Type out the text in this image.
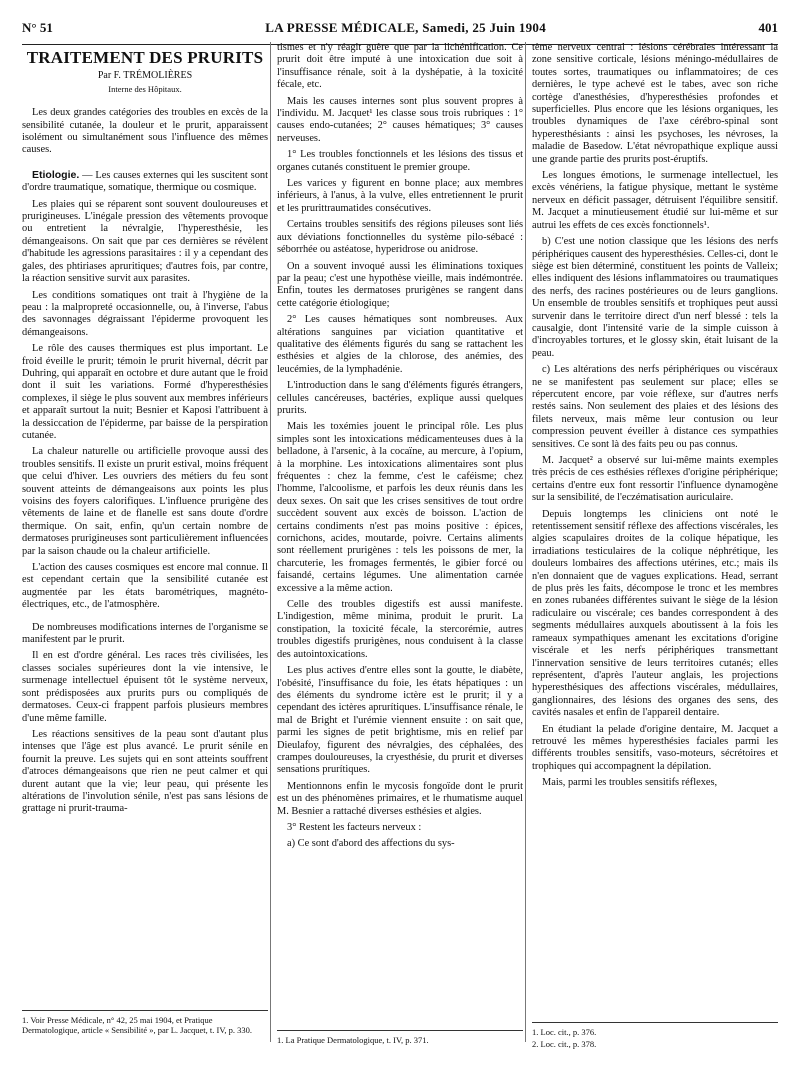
N° 51	LA PRESSE MÉDICALE, Samedi, 25 Juin 1904	401
TRAITEMENT DES PRURITS
Par F. TRÉMOLIÈRES
Interne des Hôpitaux.

Les deux grandes catégories des troubles en excès de la sensibilité cutanée, la douleur et le prurit, apparaissent isolément ou simultanément sous l'influence des mêmes causes.

Etiologie. — Les causes externes qui les suscitent sont d'ordre traumatique, somatique, thermique ou cosmique.

Les plaies qui se réparent sont souvent douloureuses et prurigineuses. L'inégale pression des vêtements provoque ou entretient la névralgie, l'hyperesthésie, les démangeaisons. On sait que par ces dernières se révèlent d'habitude les agressions parasitaires : il y a cependant des gales, des phtiriases apruritiques; d'autres fois, par contre, la réaction sensitive survit aux parasites.

Les conditions somatiques ont trait à l'hygiène de la peau : la malpropreté occasionnelle, ou, à l'inverse, l'abus des savonnages dégraissant l'épiderme provoquent les démangeaisons.

Le rôle des causes thermiques est plus important. Le froid éveille le prurit; témoin le prurit hivernal, décrit par Duhring, qui apparaît en octobre et dure autant que le froid dont il suit les variations. Formé d'hyperesthésies complexes, il siège le plus souvent aux membres inférieurs et apparaît surtout la nuit; Besnier et Kaposi l'attribuent à la dessiccation de l'épiderme, par baisse de la perspiration cutanée.

La chaleur naturelle ou artificielle provoque aussi des troubles sensitifs. Il existe un prurit estival, moins fréquent que celui d'hiver. Les ouvriers des métiers du feu sont souvent atteints de démangeaisons aux points les plus voisins des foyers calorifiques. L'influence prurigène des vêtements de laine et de flanelle est sans doute d'ordre thermique. On sait, enfin, qu'un certain nombre de dermatoses prurigineuses sont particulièrement influencées par la saison chaude ou la chaleur artificielle.

L'action des causes cosmiques est encore mal connue. Il est cependant certain que la sensibilité cutanée est augmentée par les états barométriques, magnéto-électriques, etc., de l'atmosphère.

De nombreuses modifications internes de l'organisme se manifestent par le prurit.

Il en est d'ordre général. Les races très civilisées, les classes sociales supérieures dont la vie intensive, le surmenage intellectuel épuisent tôt le système nerveux, sont prédisposées aux prurits purs ou compliqués de dermatoses. Ceux-ci frappent parfois plusieurs membres d'une même famille.

Les réactions sensitives de la peau sont d'autant plus intenses que l'âge est plus avancé. Le prurit sénile en fournit la preuve. Les sujets qui en sont atteints souffrent d'atroces démangeaisons que rien ne peut calmer et qui durent autant que la vie; leur peau, qui présente les altérations de l'involution sénile, n'est pas sans lésions de grattage ni prurit-trauma-

tismes et n'y réagit guère que par la lichénification. Ce prurit doit être imputé à une intoxication due soit à l'insuffisance rénale, soit à la dyshépatie, à la toxicité fécale, etc.

Mais les causes internes sont plus souvent propres à l'individu. M. Jacquet¹ les classe sous trois rubriques : 1° causes endo-cutanées; 2° causes hématiques; 3° causes nerveuses.

1° Les troubles fonctionnels et les lésions des tissus et organes cutanés constituent le premier groupe.

Les varices y figurent en bonne place; aux membres inférieurs, à l'anus, à la vulve, elles entretiennent le prurit et les prurittraumatides consécutives.

Certains troubles sensitifs des régions pileuses sont liés aux déviations fonctionnelles du système pilo-sébacé : séborrhée ou astéatose, hyperidrose ou anidrose.

On a souvent invoqué aussi les éliminations toxiques par la peau; c'est une hypothèse vieille, mais indémontrée. Enfin, toutes les dermatoses prurigènes se rangent dans cette catégorie étiologique;

2° Les causes hématiques sont nombreuses. Aux altérations sanguines par viciation quantitative et qualitative des éléments figurés du sang se rattachent les esthésies et algies de la chlorose, des anémies, des leucémies, de la lymphadénie.

L'introduction dans le sang d'éléments figurés étrangers, cellules cancéreuses, bactéries, explique aussi quelques prurits.

Mais les toxémies jouent le principal rôle. Les plus simples sont les intoxications médicamenteuses dues à la belladone, à l'arsenic, à la cocaïne, au mercure, à l'opium, à la morphine. Les intoxications alimentaires sont plus fréquentes : chez la femme, c'est le caféisme; chez l'homme, l'alcoolisme, et parfois les deux réunis dans les deux sexes. On sait que les crises sensitives de tout ordre succèdent souvent aux excès de boisson. L'action de certains condiments n'est pas moins positive : épices, cornichons, acides, moutarde, poivre. Certains aliments sont réellement prurigènes : tels les poissons de mer, la charcuterie, les fromages fermentés, le gibier forcé ou faisandé, certains légumes. Une alimentation carnée excessive a la même action.

Celle des troubles digestifs est aussi manifeste. L'indigestion, même minima, produit le prurit. La constipation, la toxicité fécale, la stercorémie, autres troubles digestifs prurigènes, nous conduisent à la classe des autointoxications.

Les plus actives d'entre elles sont la goutte, le diabète, l'obésité, l'insuffisance du foie, les états hépatiques : un des éléments du syndrome ictère est le prurit; il y a cependant des ictères aprurítiques. L'insuffisance rénale, le mal de Bright et l'urémie viennent ensuite : on sait que, parmi les signes de petit brightisme, mis en relief par Dieulafoy, figurent des névralgies, des céphalées, des crampes douloureuses, la cryesthésie, du prurit et diverses sensations prurítiques.

Mentionnons enfin le mycosis fongoïde dont le prurit est un des phénomènes primaires, et le rhumatisme auquel M. Besnier a rattaché diverses esthésies et algies.

3° Restent les facteurs nerveux :

a) Ce sont d'abord des affections du sys-

tème nerveux central : lésions cérébrales intéressant la zone sensitive corticale, lésions méningo-médullaires de toutes sortes, traumatiques ou inflammatoires; de ces dernières, le type achevé est le tabes, avec son riche cortège d'anesthésies, d'hyperesthésies profondes et superficielles. Plus encore que les lésions organiques, les troubles dynamiques de l'axe cérébro-spinal sont hyperesthésiants : ainsi les psychoses, les névroses, la maladie de Basedow. L'état névropathique explique aussi une grande partie des prurits post-éruptifs.

Les longues émotions, le surmenage intellectuel, les excès vénériens, la fatigue physique, mettant le système nerveux en déficit passager, détruisent l'équilibre sensitif. M. Jacquet a minutieusement étudié sur lui-même et sur autrui les effets de ces excès fonctionnels¹.

b) C'est une notion classique que les lésions des nerfs périphériques causent des hyperesthésies. Celles-ci, dont le siège est bien déterminé, constituent les points de Valleix; elles indiquent des lésions inflammatoires ou traumatiques des nerfs, des racines postérieures ou de leurs ganglions. Un ensemble de troubles sensitifs et trophiques peut aussi survenir dans le territoire direct d'un nerf blessé : tels la causalgie, dont l'intensité varie de la simple cuisson à d'incroyables tortures, et le glossy skin, était luisant de la peau.

c) Les altérations des nerfs périphériques ou viscéraux ne se manifestent pas seulement sur place; elles se répercutent encore, par voie réflexe, sur d'autres nerfs restés sains. Non seulement des plaies et des lésions des filets nerveux, mais même leur contusion ou leur compression peuvent éveiller à distance ces sympathies sensitives. Ce sont là des faits peu ou pas connus.

M. Jacquet² a observé sur lui-même maints exemples très précis de ces esthésies réflexes d'origine périphérique; certains d'entre eux font ressortir l'influence dynamogène sur la sensibilité, de l'eczématisation auriculaire.

Depuis longtemps les cliniciens ont noté le retentissement sensitif réflexe des affections viscérales, les algies scapulaires droites de la colique hépatique, les irradiations testiculaires de la colique néphrétique, les douleurs lombaires des affections utérines, etc.; mais ils n'en donnaient que de vagues explications. Head, serrant de plus près les faits, décompose le tronc et les membres en zones rubanées différentes suivant le siège de la lésion radiculaire ou viscérale; ces bandes correspondent à des segments médullaires auxquels aboutissent à la fois les rameaux sympathiques amenant les excitations d'origine viscérale et les nerfs périphériques transmettant l'innervation sensitive de leurs territoires cutanés; elles représentent, d'après l'auteur anglais, les projections hyperesthésiques des affections viscérales, médullaires, ganglionnaires, des lésions des organes des sens, des cavités nasales et enfin de l'appareil dentaire.

En étudiant la pelade d'origine dentaire, M. Jacquet a retrouvé les mêmes hyperesthésies faciales parmi les différents troubles sensitifs, vaso-moteurs, sécrétoires et trophiques qui accompagnent la dépilation.

Mais, parmi les troubles sensitifs réflexes,

1. Voir Presse Médicale, n° 42, 25 mai 1904, et Pratique Dermatologique, article « Sensibilité », par L. Jacquet, t. IV, p. 330.

1. La Pratique Dermatologique, t. IV, p. 371.

1. Loc. cit., p. 376.

2. Loc. cit., p. 378.
